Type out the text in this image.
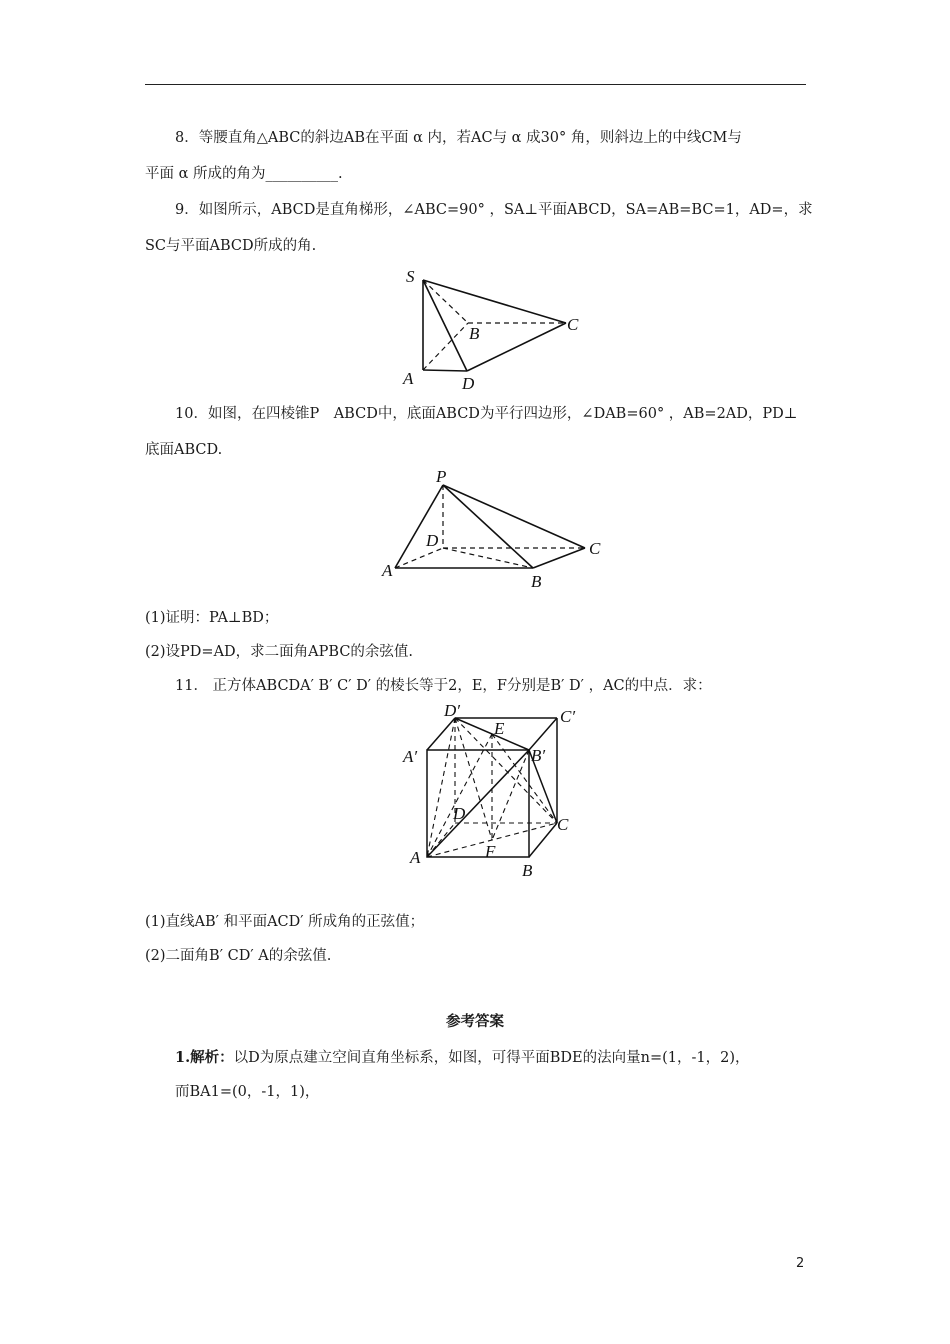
8．等腰直角△ABC的斜边AB在平面 α 内，若AC与 α 成30° 角，则斜边上的中线CM与
平面 α 所成的角为__________.
9．如图所示，ABCD是直角梯形，∠ABC=90° ，SA⊥平面ABCD，SA=AB=BC=1，AD=，求
SC与平面ABCD所成的角.
S
B	C
A	D
10．如图，在四棱锥P　ABCD中，底面ABCD为平行四边形，∠DAB=60° ，AB=2AD，PD⊥
底面ABCD.
P
D	C
A
B
(1)证明：PA⊥BD；
(2)设PD=AD，求二面角APBC的余弦值.
11． 正方体ABCDA′ B′ C′ D′ 的棱长等于2，E，F分别是B′ D′ ，AC的中点．求：
D′
E
C′
A′	B′
D
C
F
A
B
(1)直线AB′ 和平面ACD′ 所成角的正弦值；
(2)二面角B′ CD′ A的余弦值.
参考答案
1.解析：以D为原点建立空间直角坐标系，如图，可得平面BDE的法向量n=(1，-1，2)，
而BA1=(0，-1，1)，
2
